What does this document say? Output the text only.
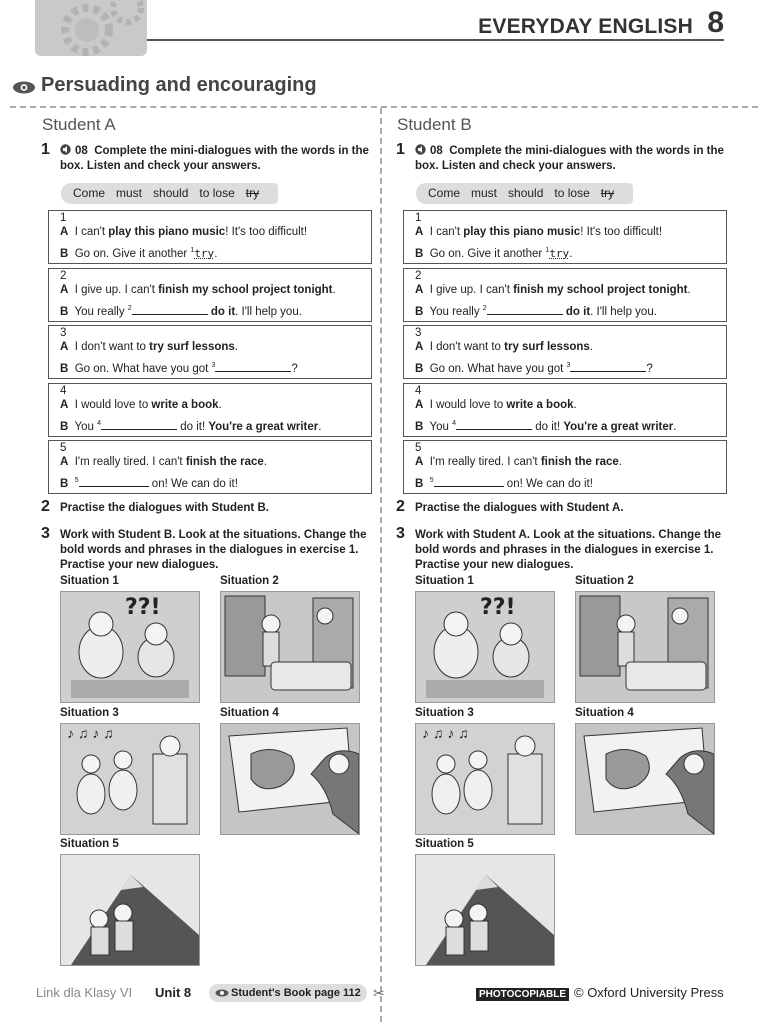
EVERYDAY ENGLISH 8
Persuading and encouraging
Student A
1	08 Complete the mini-dialogues with the words in the box. Listen and check your answers.
Come must should to lose try
1
A I can't play this piano music! It's too difficult!
B Go on. Give it another $^1$try.
2
A I give up. I can't finish my school project tonight.
B You really $^2$	do it. I'll help you.
3
A I don't want to try surf lessons.
B Go on. What have you got $^3$	?
4
A I would love to write a book.
B You $^4$	do it! You're a great writer.
5
A I'm really tired. I can't finish the race.
B $^5$	on! We can do it!
2 Practise the dialogues with Student B.
3 Work with Student B. Look at the situations. Change the bold words and phrases in the dialogues in exercise 1. Practise your new dialogues.
Situation 1
??!
Situation 2
Situation 3
♪ ♫ ♪ ♫
Situation 4
Situation 5
Student B
1	08 Complete the mini-dialogues with the words in the box. Listen and check your answers.
Come must should to lose try
1
A I can't play this piano music! It's too difficult!
B Go on. Give it another $^1$try.
2
A I give up. I can't finish my school project tonight.
B You really $^2$	do it. I'll help you.
3
A I don't want to try surf lessons.
B Go on. What have you got $^3$	?
4
A I would love to write a book.
B You $^4$	do it! You're a great writer.
5
A I'm really tired. I can't finish the race.
B $^5$	on! We can do it!
2 Practise the dialogues with Student A.
3 Work with Student A. Look at the situations. Change the bold words and phrases in the dialogues in exercise 1. Practise your new dialogues.
Situation 1
??!
Situation 2
Situation 3
♪ ♫ ♪ ♫
Situation 4
Situation 5
Link dla Klasy VI Unit 8	Student's Book page 112 ✂	PHOTOCOPIABLE © Oxford University Press
